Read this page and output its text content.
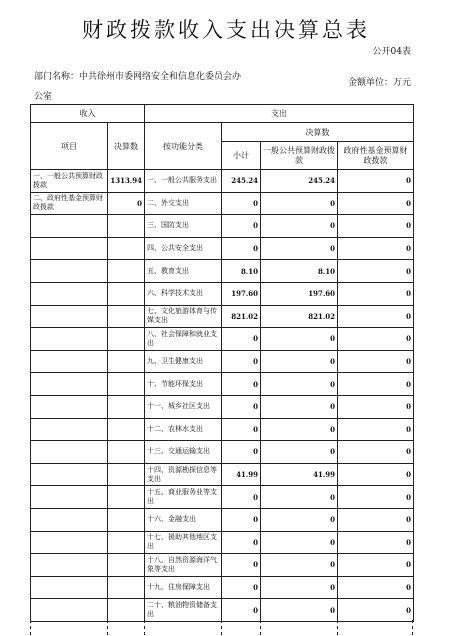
财政拨款收入支出决算总表
公开04表
部门名称：中共徐州市委网络安全和信息化委员会办公室
金额单位：万元
收入		支出			
项目	决算数	按功能分类	决算数		
			小计	一般公共预算财政拨款	政府性基金预算财政拨款
一、一般公共预算财政拨款	1313.94	一、一般公共服务支出	245.24	245.24	0
二、政府性基金预算财政拨款	0	二、外交支出	0	0	0
		三、国防支出	0	0	0
		四、公共安全支出	0	0	0
		五、教育支出	8.10	8.10	0
		六、科学技术支出	197.60	197.60	0
		七、文化旅游体育与传媒支出	821.02	821.02	0
		八、社会保障和就业支出	0	0	0
		九、卫生健康支出	0	0	0
		十、节能环保支出	0	0	0
		十一、城乡社区支出	0	0	0
		十二、农林水支出	0	0	0
		十三、交通运输支出	0	0	0
		十四、资源勘探信息等支出	41.99	41.99	0
		十五、商业服务业等支出	0	0	0
		十六、金融支出	0	0	0
		十七、援助其他地区支出	0	0	0
		十八、自然资源海洋气象等支出	0	0	0
		十九、住房保障支出	0	0	0
		二十、粮油物资储备支出	0	0	0
